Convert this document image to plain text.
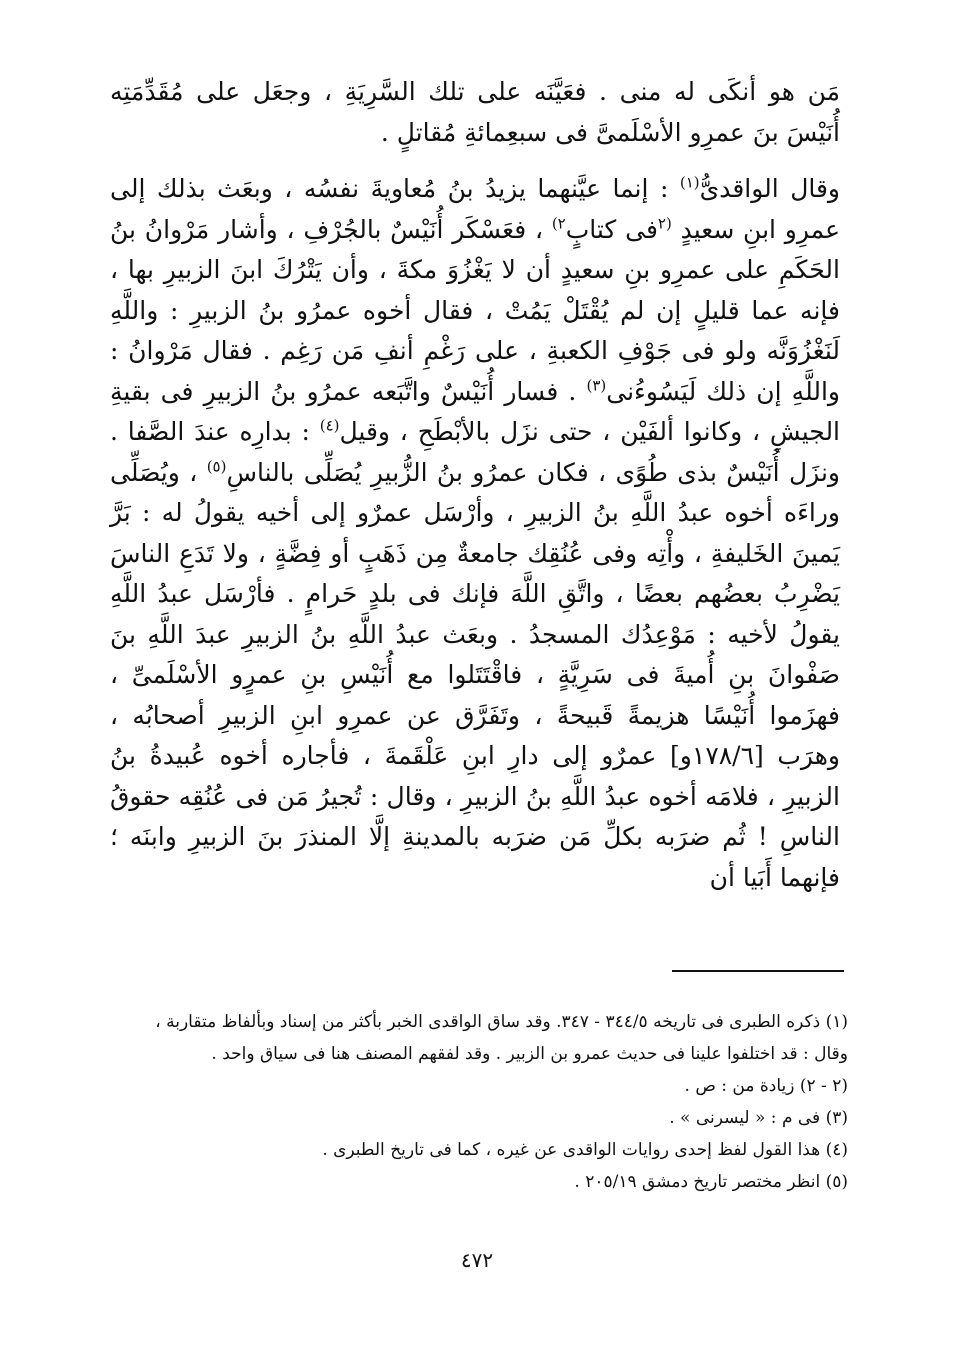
مَن هو أنكَى له منى . فعَيَّنَه على تلك السَّرِيَةِ ، وجعَل على مُقَدِّمَتِه أُنَيْسَ بنَ عمرِو الأسْلَمىَّ فى سبعِمائةِ مُقاتلٍ .

وقال الواقدىُّ$^{(١)}$ : إنما عيَّنهما يزيدُ بنُ مُعاويةَ نفسُه ، وبعَث بذلك إلى عمرِو ابنِ سعيدٍ $^{(٢}$فى كتابٍ$^{٢)}$ ، فعَسْكَر أُنَيْسٌ بالجُرْفِ ، وأشار مَرْوانُ بنُ الحَكَمِ على عمرِو بنِ سعيدٍ أن لا يَغْزُوَ مكةَ ، وأن يَتْرُكَ ابنَ الزبيرِ بها ، فإنه عما قليلٍ إن لم يُقْتَلْ يَمُتْ ، فقال أخوه عمرُو بنُ الزبيرِ : واللَّهِ لَنَغْزُوَنَّه ولو فى جَوْفِ الكعبةِ ، على رَغْمِ أنفِ مَن رَغِم . فقال مَرْوانُ : واللَّهِ إن ذلك لَيَسُوءُنى$^{(٣)}$ . فسار أُنَيْسٌ واتَّبَعه عمرُو بنُ الزبيرِ فى بقيةِ الجيشِ ، وكانوا ألفَيْن ، حتى نزَل بالأبْطَحِ ، وقيل$^{(٤)}$ : بدارِه عندَ الصَّفا . ونزَل أُنَيْسٌ بذى طُوًى ، فكان عمرُو بنُ الزُّبيرِ يُصَلِّى بالناسِ$^{(٥)}$ ، ويُصَلِّى وراءَه أخوه عبدُ اللَّهِ بنُ الزبيرِ ، وأرْسَل عمرٌو إلى أخيه يقولُ له : بَرَّ يَمينَ الخَليفةِ ، وأْتِه وفى عُنُقِك جامعةٌ مِن ذَهَبٍ أو فِضَّةٍ ، ولا تَدَعِ الناسَ يَضْرِبُ بعضُهم بعضًا ، واتَّقِ اللَّهَ فإنك فى بلدٍ حَرامٍ . فأرْسَل عبدُ اللَّهِ يقولُ لأخيه : مَوْعِدُك المسجدُ . وبعَث عبدُ اللَّهِ بنُ الزبيرِ عبدَ اللَّهِ بنَ صَفْوانَ بنِ أُميةَ فى سَرِيَّةٍ ، فاقْتَتَلوا مع أُنَيْسِ بنِ عمرٍو الأسْلَمىِّ ، فهزَموا أُنَيْسًا هزيمةً قَبيحةً ، وتَفَرَّق عن عمرِو ابنِ الزبيرِ أصحابُه ، وهرَب [١٧٨/٦و] عمرٌو إلى دارِ ابنِ عَلْقَمةَ ، فأجاره أخوه عُبيدةُ بنُ الزبيرِ ، فلامَه أخوه عبدُ اللَّهِ بنُ الزبيرِ ، وقال : تُجيرُ مَن فى عُنُقِه حقوقُ الناسِ ! ثُم ضرَبه بكلِّ مَن ضرَبه بالمدينةِ إلَّا المنذرَ بنَ الزبيرِ وابنَه ؛ فإنهما أَبَيا أن

(١) ذكره الطبرى فى تاريخه ٣٤٤/٥ - ٣٤٧. وقد ساق الواقدى الخبر بأكثر من إسناد وبألفاظ متقاربة ، وقال : قد اختلفوا علينا فى حديث عمرو بن الزبير . وقد لفقهم المصنف هنا فى سياق واحد .

(٢ - ٢) زيادة من : ص .

(٣) فى م : « ليسرنى » .

(٤) هذا القول لفظ إحدى روايات الواقدى عن غيره ، كما فى تاريخ الطبرى .

(٥) انظر مختصر تاريخ دمشق ٢٠٥/١٩ .

٤٧٢
